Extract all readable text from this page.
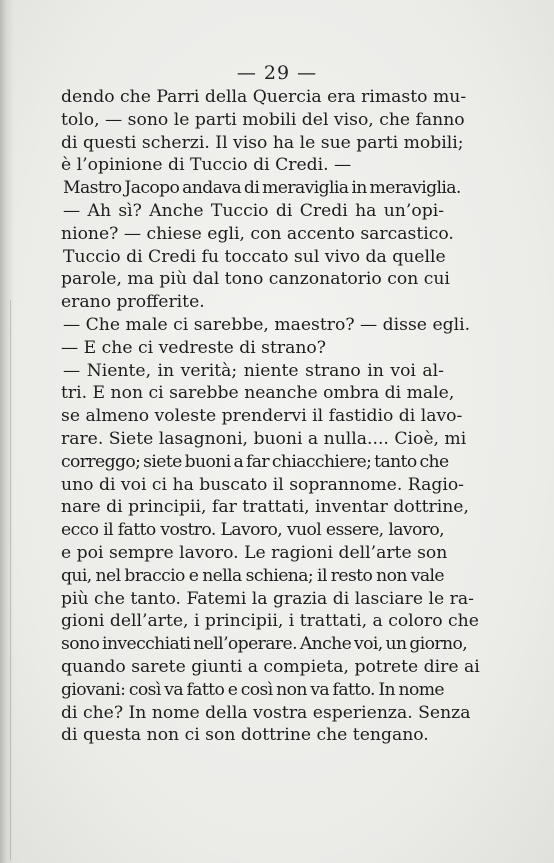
— 29 —
dendo che Parri della Quercia era rimasto mu-
tolo, — sono le parti mobili del viso, che fanno
di questi scherzi. Il viso ha le sue parti mobili;
è l’opinione di Tuccio di Credi. —
Mastro Jacopo andava di meraviglia in meraviglia.
— Ah sì? Anche Tuccio di Credi ha un’opi-
nione? — chiese egli, con accento sarcastico.
Tuccio di Credi fu toccato sul vivo da quelle
parole, ma più dal tono canzonatorio con cui
erano profferite.
— Che male ci sarebbe, maestro? — disse egli.
— E che ci vedreste di strano?
— Niente, in verità; niente strano in voi al-
tri. E non ci sarebbe neanche ombra di male,
se almeno voleste prendervi il fastidio di lavo-
rare. Siete lasagnoni, buoni a nulla.... Cioè, mi
correggo; siete buoni a far chiacchiere; tanto che
uno di voi ci ha buscato il soprannome. Ragio-
nare di principii, far trattati, inventar dottrine,
ecco il fatto vostro. Lavoro, vuol essere, lavoro,
e poi sempre lavoro. Le ragioni dell’arte son
qui, nel braccio e nella schiena; il resto non vale
più che tanto. Fatemi la grazia di lasciare le ra-
gioni dell’arte, i principii, i trattati, a coloro che
sono invecchiati nell’operare. Anche voi, un giorno,
quando sarete giunti a compieta, potrete dire ai
giovani: così va fatto e così non va fatto. In nome
di che? In nome della vostra esperienza. Senza
di questa non ci son dottrine che tengano.
